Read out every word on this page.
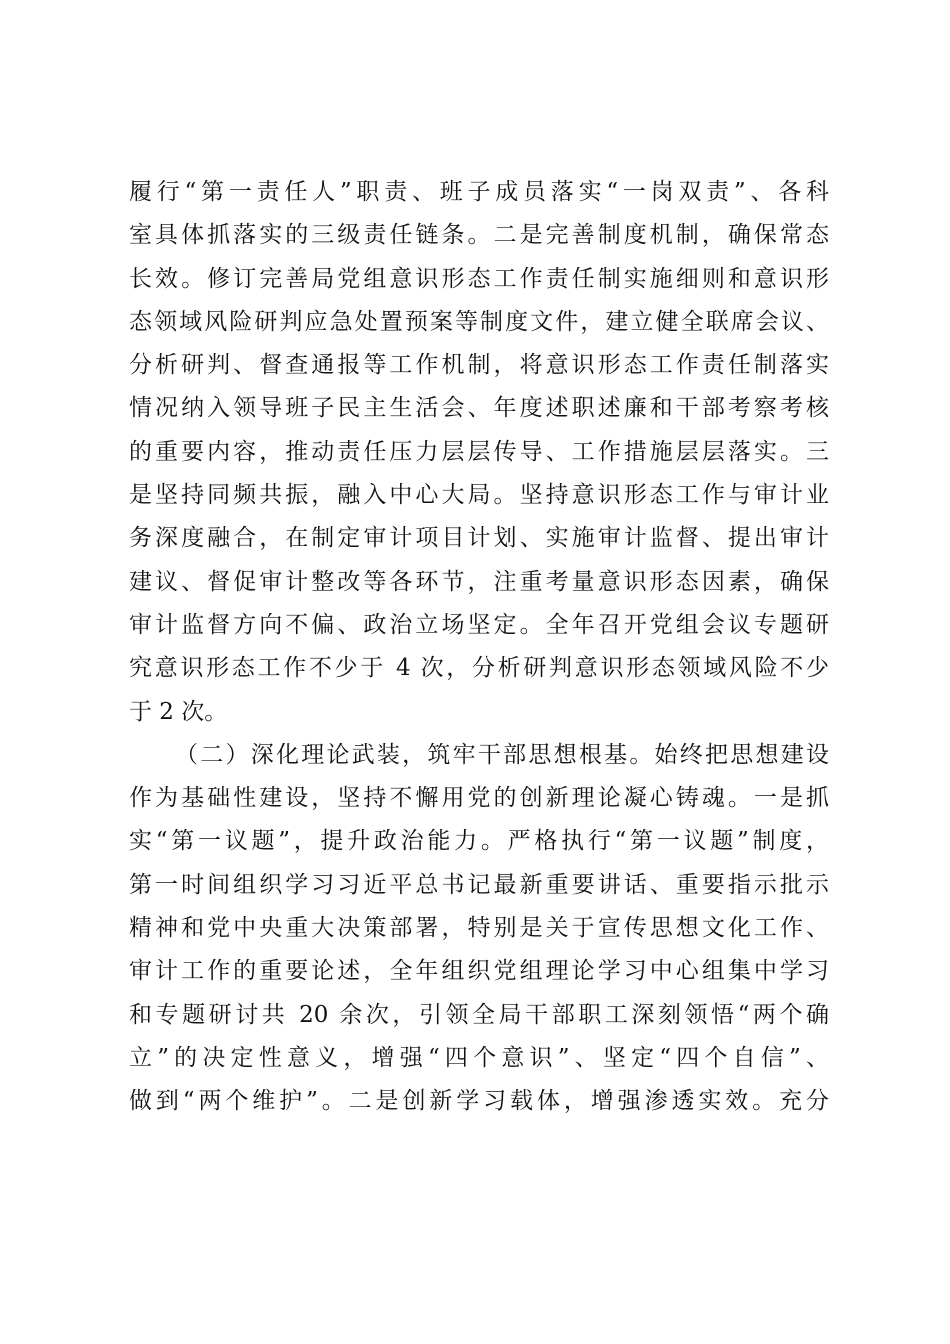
履行“第一责任人”职责、班子成员落实“一岗双责”、各科
室具体抓落实的三级责任链条。二是完善制度机制，确保常态
长效。修订完善局党组意识形态工作责任制实施细则和意识形
态领域风险研判应急处置预案等制度文件，建立健全联席会议、
分析研判、督查通报等工作机制，将意识形态工作责任制落实
情况纳入领导班子民主生活会、年度述职述廉和干部考察考核
的重要内容，推动责任压力层层传导、工作措施层层落实。三
是坚持同频共振，融入中心大局。坚持意识形态工作与审计业
务深度融合，在制定审计项目计划、实施审计监督、提出审计
建议、督促审计整改等各环节，注重考量意识形态因素，确保
审计监督方向不偏、政治立场坚定。全年召开党组会议专题研
究意识形态工作不少于 4 次，分析研判意识形态领域风险不少
于 2 次。
（二）深化理论武装，筑牢干部思想根基。始终把思想建设
作为基础性建设，坚持不懈用党的创新理论凝心铸魂。一是抓
实“第一议题”，提升政治能力。严格执行“第一议题”制度，
第一时间组织学习习近平总书记最新重要讲话、重要指示批示
精神和党中央重大决策部署，特别是关于宣传思想文化工作、
审计工作的重要论述，全年组织党组理论学习中心组集中学习
和专题研讨共 20 余次，引领全局干部职工深刻领悟“两个确
立”的决定性意义，增强“四个意识”、坚定“四个自信”、
做到“两个维护”。二是创新学习载体，增强渗透实效。充分
